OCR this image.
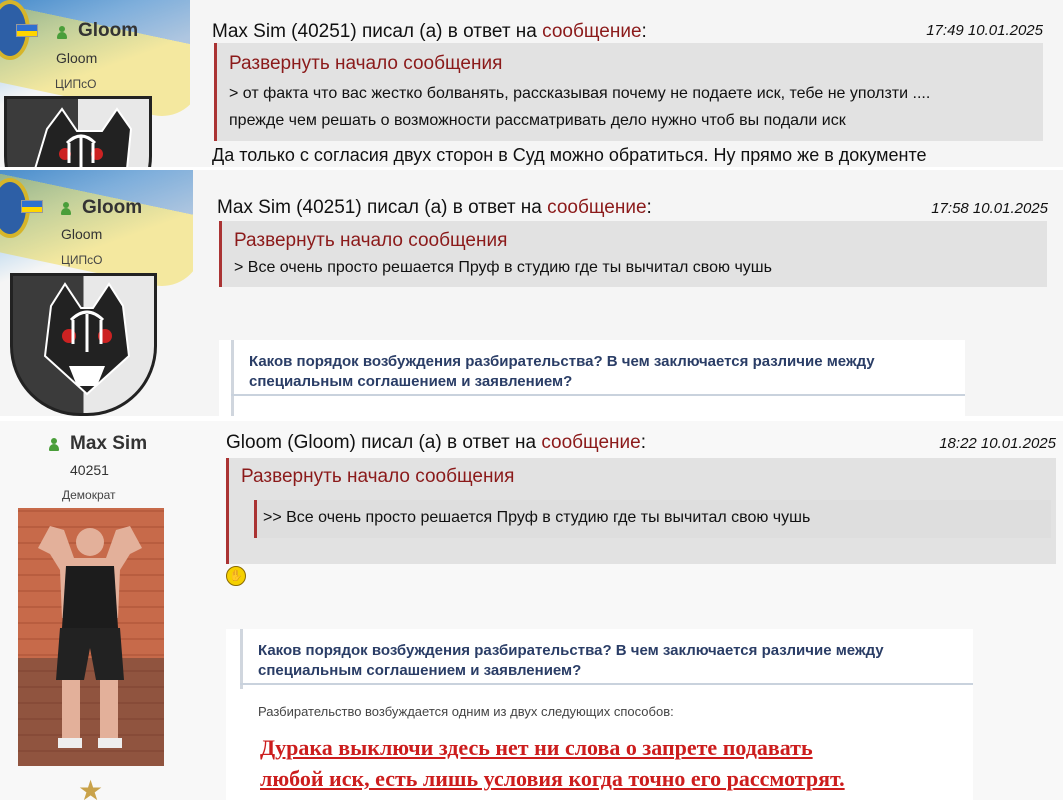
Gloom
Gloom
ЦИПсО
Max Sim (40251) писал (а) в ответ на сообщение:	17:49 10.01.2025
Развернуть начало сообщения
> от факта что вас жестко болванять, рассказывая почему не подаете иск, тебе не уползти ....
прежде чем решать о возможности рассматривать дело нужно чтоб вы подали иск
Да только с согласия двух сторон в Суд можно обратиться. Ну прямо же в документе
Gloom
Gloom
ЦИПсО
Max Sim (40251) писал (а) в ответ на сообщение:	17:58 10.01.2025
Развернуть начало сообщения
> Все очень просто решается Пруф в студию где ты вычитал свою чушь
Каков порядок возбуждения разбирательства? В чем заключается различие между специальным соглашением и заявлением?
Max Sim
40251
Демократ
★
Gloom (Gloom) писал (а) в ответ на сообщение:	18:22 10.01.2025
Развернуть начало сообщения
>> Все очень просто решается Пруф в студию где ты вычитал свою чушь
✋
Каков порядок возбуждения разбирательства? В чем заключается различие между специальным соглашением и заявлением?
Разбирательство возбуждается одним из двух следующих способов:
Дурака выключи здесь нет ни слова о запрете подавать
любой иск, есть лишь условия когда точно его рассмотрят.
